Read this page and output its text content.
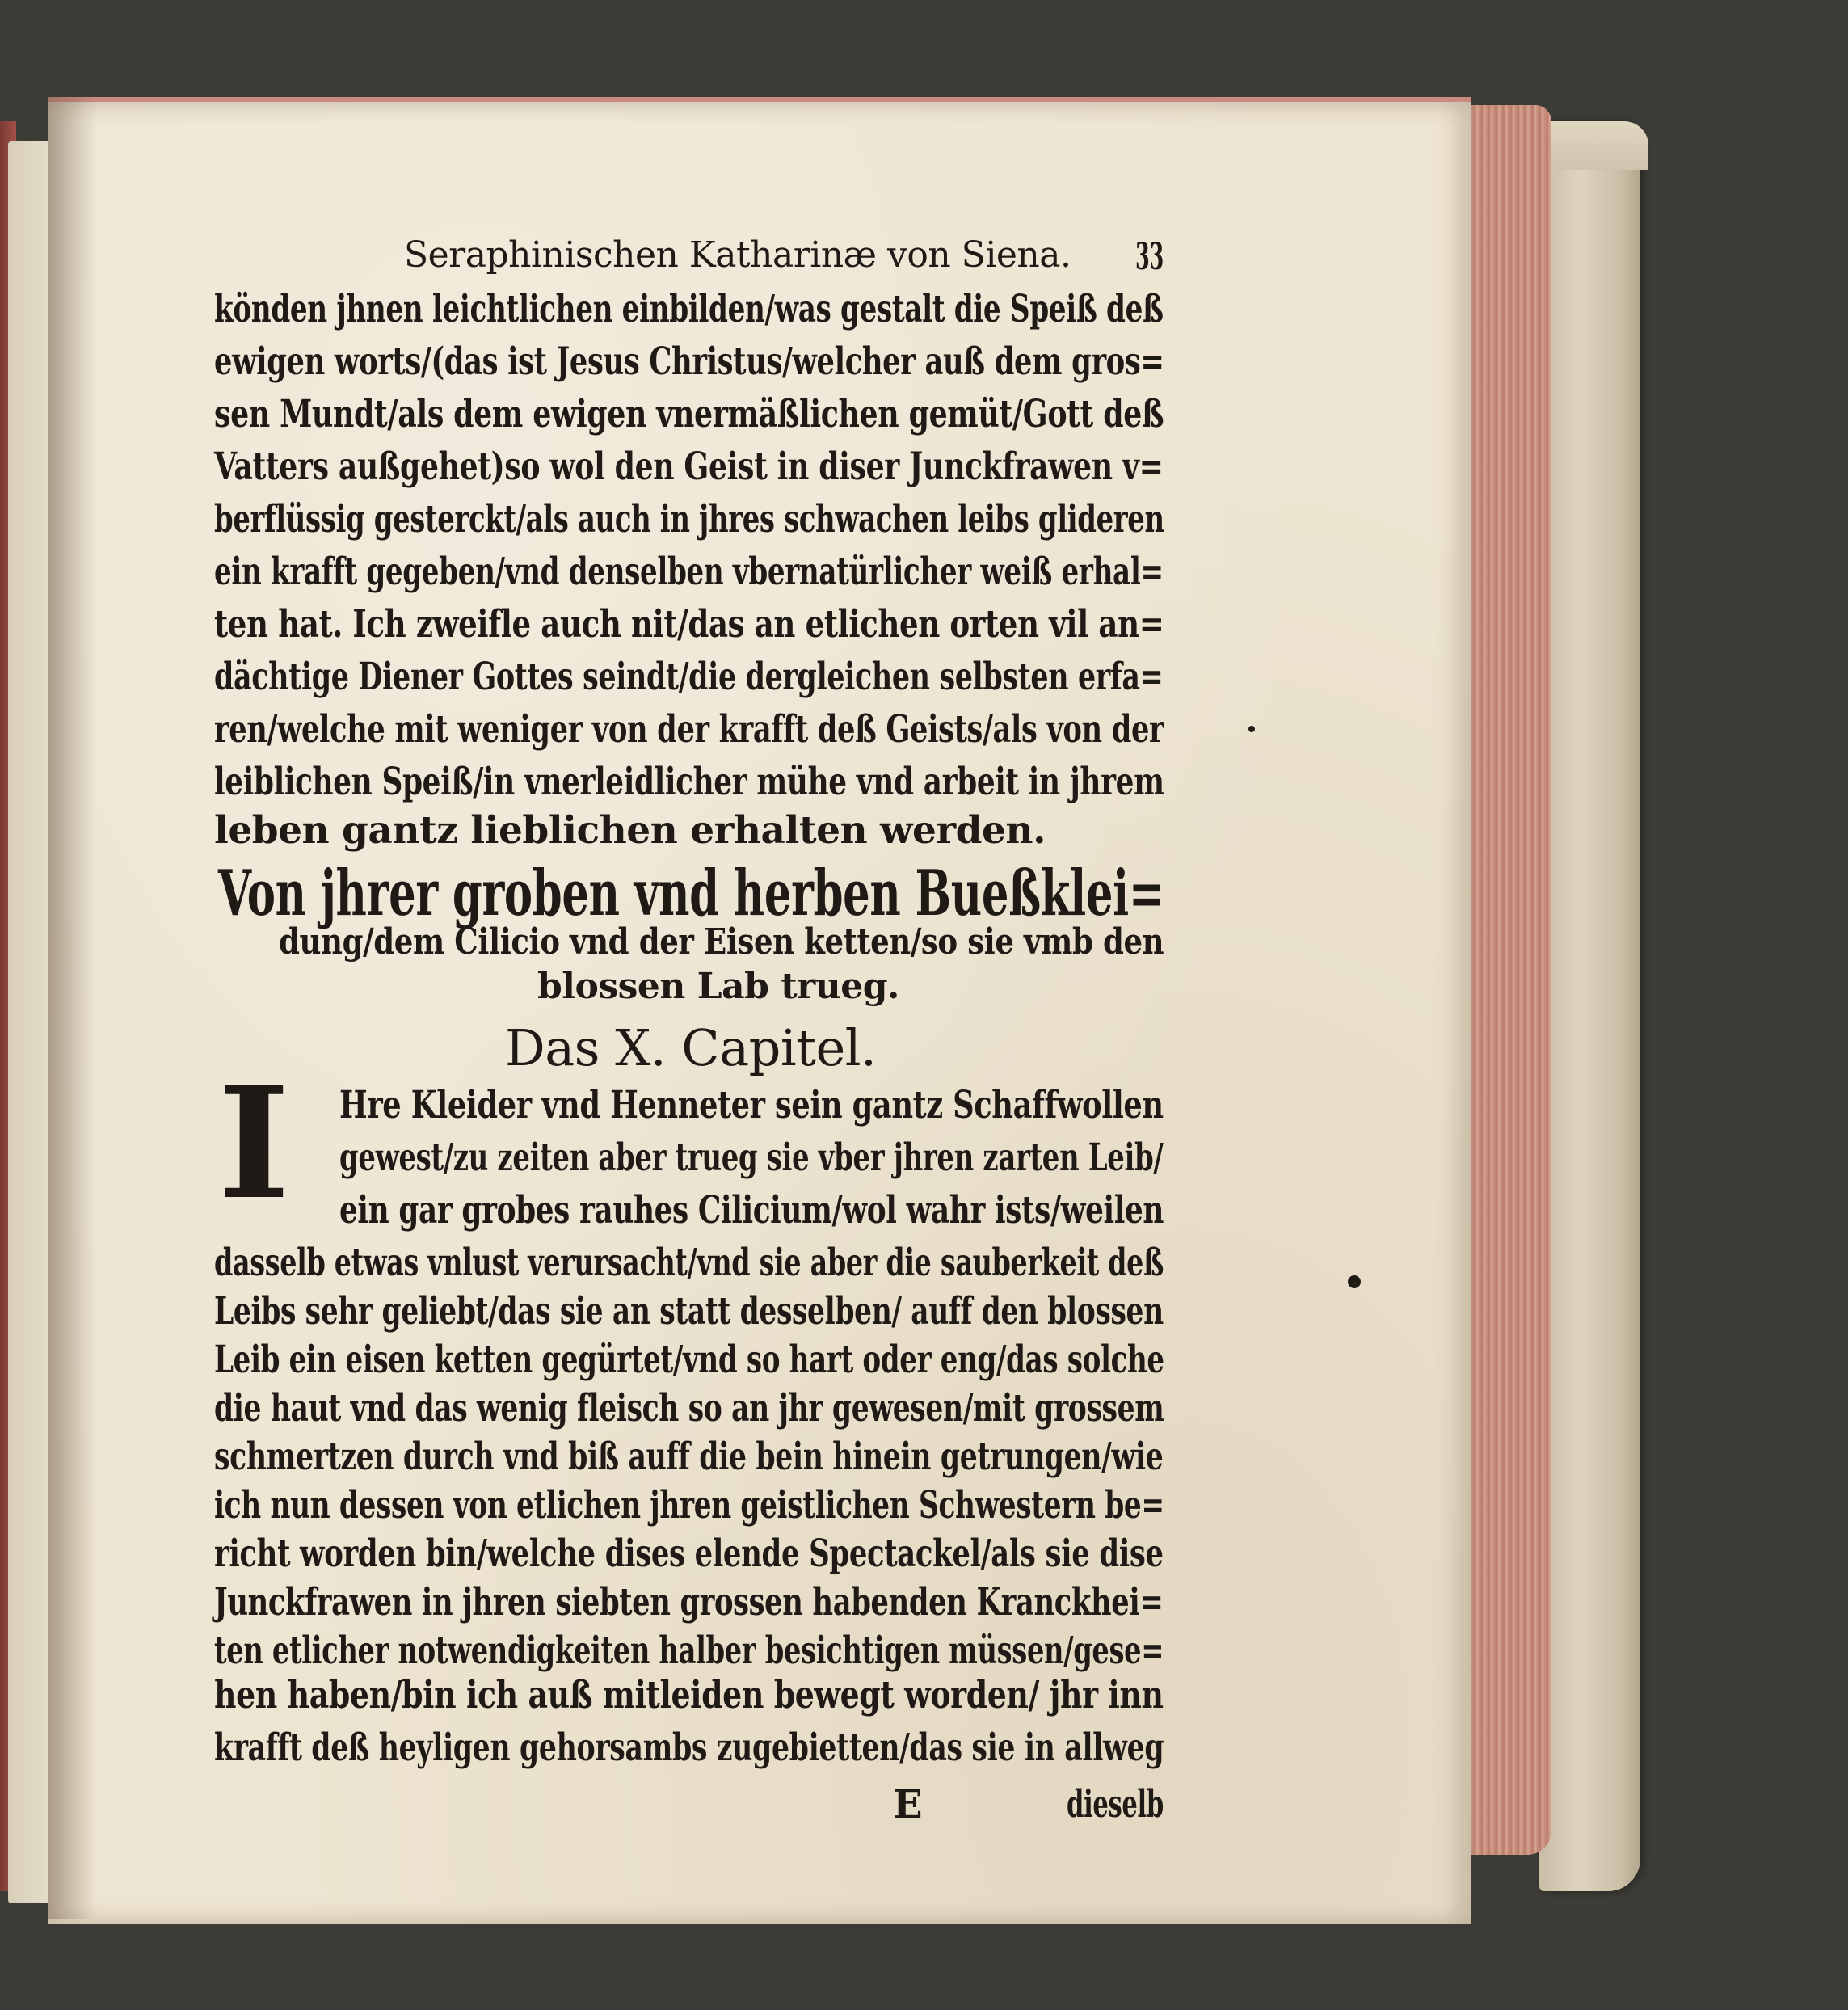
Seraphinischen Katharinæ von Siena. 33
könden jhnen leichtlichen einbilden/was gestalt die Speiß deß
ewigen worts/(das ist Jesus Christus/welcher auß dem gros=
sen Mundt/als dem ewigen vnermäßlichen gemüt/Gott deß
Vatters außgehet)so wol den Geist in diser Junckfrawen v=
berflüssig gesterckt/als auch in jhres schwachen leibs glideren
ein krafft gegeben/vnd denselben vbernatürlicher weiß erhal=
ten hat. Ich zweifle auch nit/das an etlichen orten vil an=
dächtige Diener Gottes seindt/die dergleichen selbsten erfa=
ren/welche mit weniger von der krafft deß Geists/als von der
leiblichen Speiß/in vnerleidlicher mühe vnd arbeit in jhrem
leben gantz lieblichen erhalten werden.
Von jhrer groben vnd herben Bueßklei=
dung/dem Cilicio vnd der Eisen ketten/so sie vmb den
blossen Lab trueg.
Das X. Capitel.
I	Hre Kleider vnd Henneter sein gantz Schaffwollen
gewest/zu zeiten aber trueg sie vber jhren zarten Leib/
ein gar grobes rauhes Cilicium/wol wahr ists/weilen
dasselb etwas vnlust verursacht/vnd sie aber die sauberkeit deß
Leibs sehr geliebt/das sie an statt desselben/ auff den blossen
Leib ein eisen ketten gegürtet/vnd so hart oder eng/das solche
die haut vnd das wenig fleisch so an jhr gewesen/mit grossem
schmertzen durch vnd biß auff die bein hinein getrungen/wie
ich nun dessen von etlichen jhren geistlichen Schwestern be=
richt worden bin/welche dises elende Spectackel/als sie dise
Junckfrawen in jhren siebten grossen habenden Kranckhei=
ten etlicher notwendigkeiten halber besichtigen müssen/gese=
hen haben/bin ich auß mitleiden bewegt worden/ jhr inn
krafft deß heyligen gehorsambs zugebietten/das sie in allweg
E	dieselb
